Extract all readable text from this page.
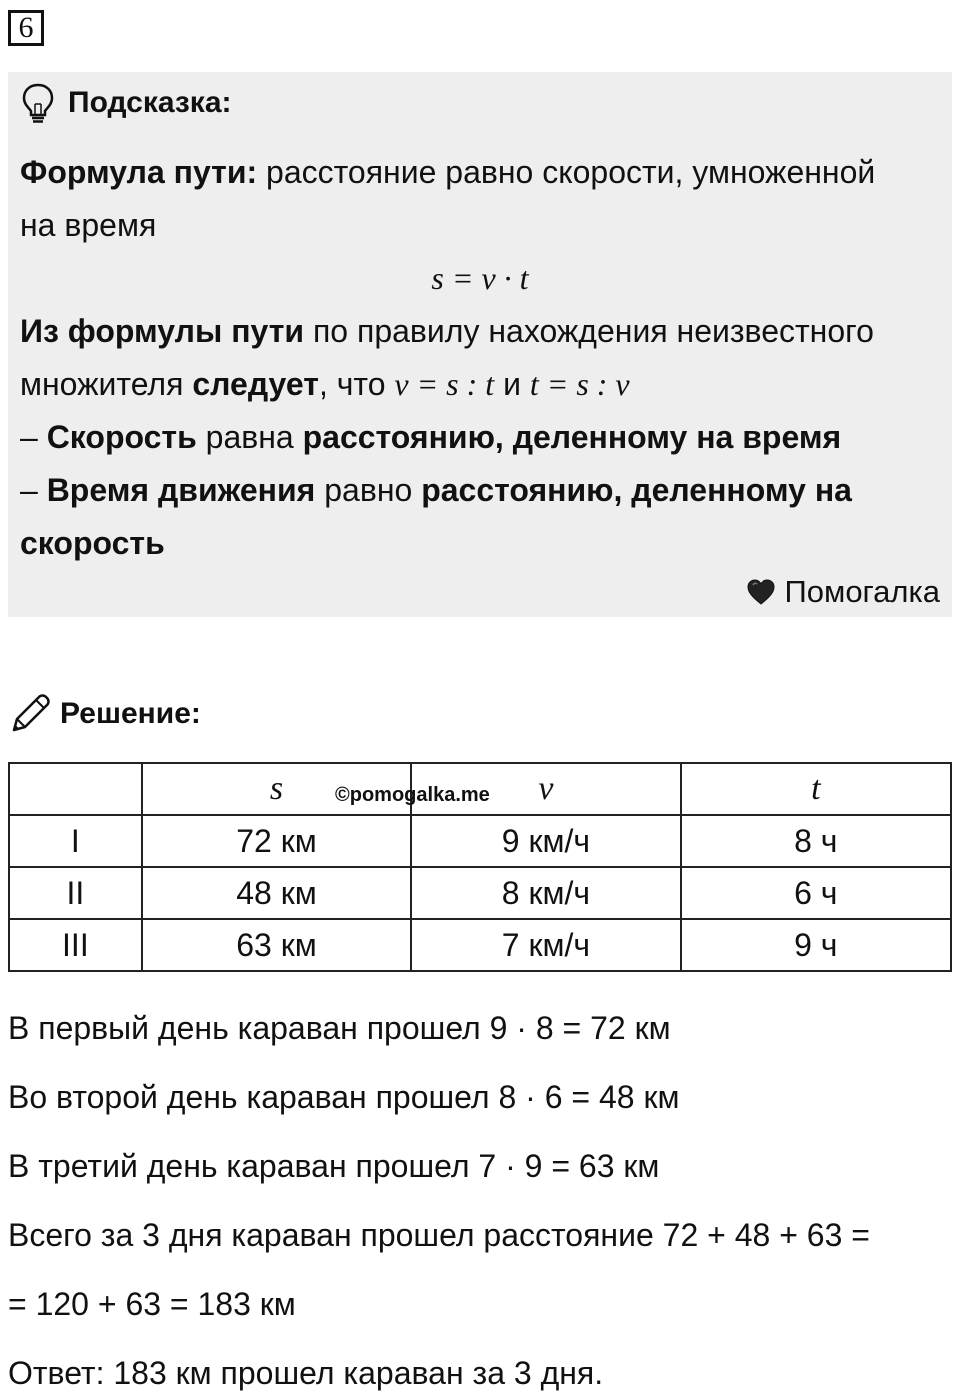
6
Подсказка:
Формула пути: расстояние равно скорости, умноженной
на время
s = v · t
Из формулы пути по правилу нахождения неизвестного
множителя следует, что v = s : t и t = s : v
– Скорость равна расстоянию, деленному на время
– Время движения равно расстоянию, деленному на
скорость
Помогалка
Решение:
	s	v	t
I	72 км	9 км/ч	8 ч
II	48 км	8 км/ч	6 ч
III	63 км	7 км/ч	9 ч
©pomogalka.me
В первый день караван прошел 9 · 8 = 72 км
Во второй день караван прошел 8 · 6 = 48 км
В третий день караван прошел 7 · 9 = 63 км
Всего за 3 дня караван прошел расстояние 72 + 48 + 63 =
= 120 + 63 = 183 км
Ответ: 183 км прошел караван за 3 дня.
